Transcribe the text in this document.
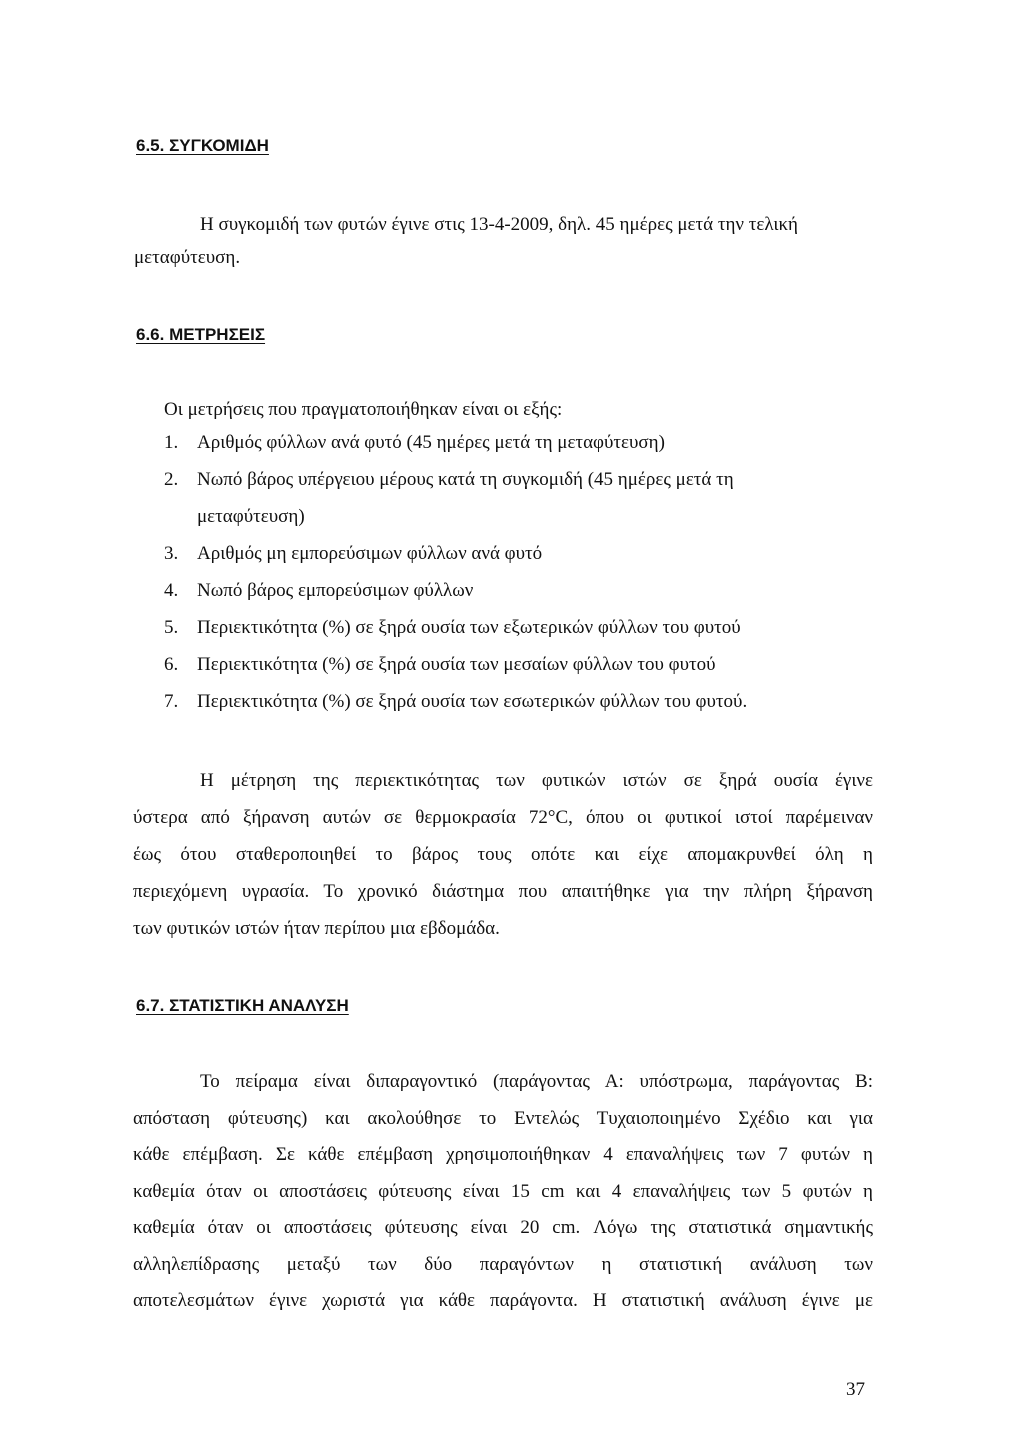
6.5. ΣΥΓΚΟΜΙΔΗ
Η συγκομιδή των φυτών έγινε στις 13-4-2009, δηλ. 45 ημέρες μετά την τελική
μεταφύτευση.
6.6. ΜΕΤΡΗΣΕΙΣ
Οι μετρήσεις που πραγματοποιήθηκαν είναι οι εξής:
1. Αριθμός φύλλων ανά φυτό (45 ημέρες μετά τη μεταφύτευση)
2. Νωπό βάρος υπέργειου μέρους κατά τη συγκομιδή (45 ημέρες μετά τη
μεταφύτευση)
3. Αριθμός μη εμπορεύσιμων φύλλων ανά φυτό
4. Νωπό βάρος εμπορεύσιμων φύλλων
5. Περιεκτικότητα (%) σε ξηρά ουσία των εξωτερικών φύλλων του φυτού
6. Περιεκτικότητα (%) σε ξηρά ουσία των μεσαίων φύλλων του φυτού
7. Περιεκτικότητα (%) σε ξηρά ουσία των εσωτερικών φύλλων του φυτού.
Η μέτρηση της περιεκτικότητας των φυτικών ιστών σε ξηρά ουσία έγινε
ύστερα από ξήρανση αυτών σε θερμοκρασία 72°C, όπου οι φυτικοί ιστοί παρέμειναν
έως ότου σταθεροποιηθεί το βάρος τους οπότε και είχε απομακρυνθεί όλη η
περιεχόμενη υγρασία. Το χρονικό διάστημα που απαιτήθηκε για την πλήρη ξήρανση
των φυτικών ιστών ήταν περίπου μια εβδομάδα.
6.7. ΣΤΑΤΙΣΤΙΚΗ ΑΝΑΛΥΣΗ
Το πείραμα είναι διπαραγοντικό (παράγοντας Α: υπόστρωμα, παράγοντας Β:
απόσταση φύτευσης) και ακολούθησε το Εντελώς Τυχαιοποιημένο Σχέδιο και για
κάθε επέμβαση. Σε κάθε επέμβαση χρησιμοποιήθηκαν 4 επαναλήψεις των 7 φυτών η
καθεμία όταν οι αποστάσεις φύτευσης είναι 15 cm και 4 επαναλήψεις των 5 φυτών η
καθεμία όταν οι αποστάσεις φύτευσης είναι 20 cm. Λόγω της στατιστικά σημαντικής
αλληλεπίδρασης μεταξύ των δύο παραγόντων η στατιστική ανάλυση των
αποτελεσμάτων έγινε χωριστά για κάθε παράγοντα. Η στατιστική ανάλυση έγινε με
37
